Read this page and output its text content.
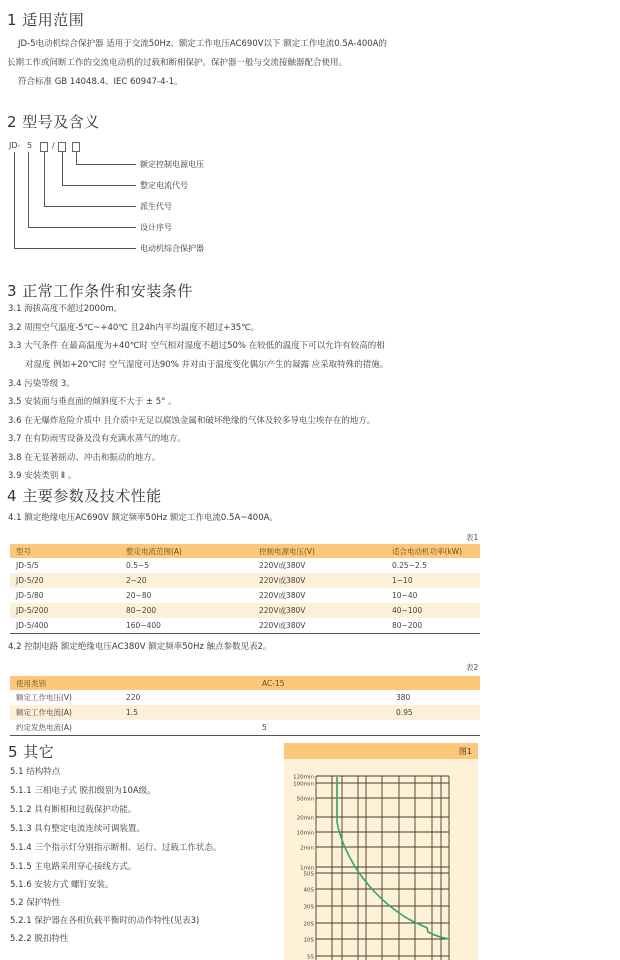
1 适用范围
JD-5电动机综合保护器 适用于交流50Hz、额定工作电压AC690V以下 额定工作电流0.5A-400A的
长期工作或间断工作的交流电动机的过载和断相保护。保护器一般与交流接触器配合使用。
符合标准 GB 14048.4、IEC 60947-4-1。
2 型号及含义
JD- 5 /
额定控制电源电压
整定电流代号
派生代号
设计序号
电动机综合保护器
3 正常工作条件和安装条件
3.1 海拔高度不超过2000m。
3.2 周围空气温度-5℃~+40℃ 且24h内平均温度不超过+35℃。
3.3 大气条件 在最高温度为+40℃时 空气相对湿度不超过50% 在较低的温度下可以允许有较高的相
对湿度 例如+20℃时 空气湿度可达90% 并对由于温度变化偶尔产生的凝露 应采取特殊的措施。
3.4 污染等级 3。
3.5 安装面与垂直面的倾斜度不大于 ± 5° 。
3.6 在无爆炸危险介质中 且介质中无足以腐蚀金属和破坏绝缘的气体及较多导电尘埃存在的地方。
3.7 在有防雨雪设备及没有充满水蒸气的地方。
3.8 在无显著摇动、冲击和振动的地方。
3.9 安装类别 Ⅱ 。
4 主要参数及技术性能
4.1 额定绝缘电压AC690V 额定频率50Hz 额定工作电流0.5A~400A。
表1
型号	整定电流范围(A)	控制电源电压(V)	适合电动机功率(kW)
JD-5/5	0.5~5	220V或380V	0.25~2.5
JD-5/20	2~20	220V或380V	1~10
JD-5/80	20~80	220V或380V	10~40
JD-5/200	80~200	220V或380V	40~100
JD-5/400	160~400	220V或380V	80~200
4.2 控制电路 额定绝缘电压AC380V 额定频率50Hz 触点参数见表2。
表2
使用类别		AC-15	
额定工作电压(V)	220		380
额定工作电流(A)	1.5		0.95
约定发热电流(A)		5	
5 其它
5.1 结构特点
5.1.1 三相电子式 脱扣级别为10A级。
5.1.2 具有断相和过载保护功能。
5.1.3 具有整定电流连续可调装置。
5.1.4 三个指示灯分别指示断相、运行、过载工作状态。
5.1.5 主电路采用穿心接线方式。
5.1.6 安装方式 螺钉安装。
5.2 保护特性
5.2.1 保护器在各相负载平衡时的动作特性(见表3)
5.2.2 脱扣特性
图1
120min
100min
50min
20min
10min
2min
1min
50S
40S
30S
20S
10S
5S
